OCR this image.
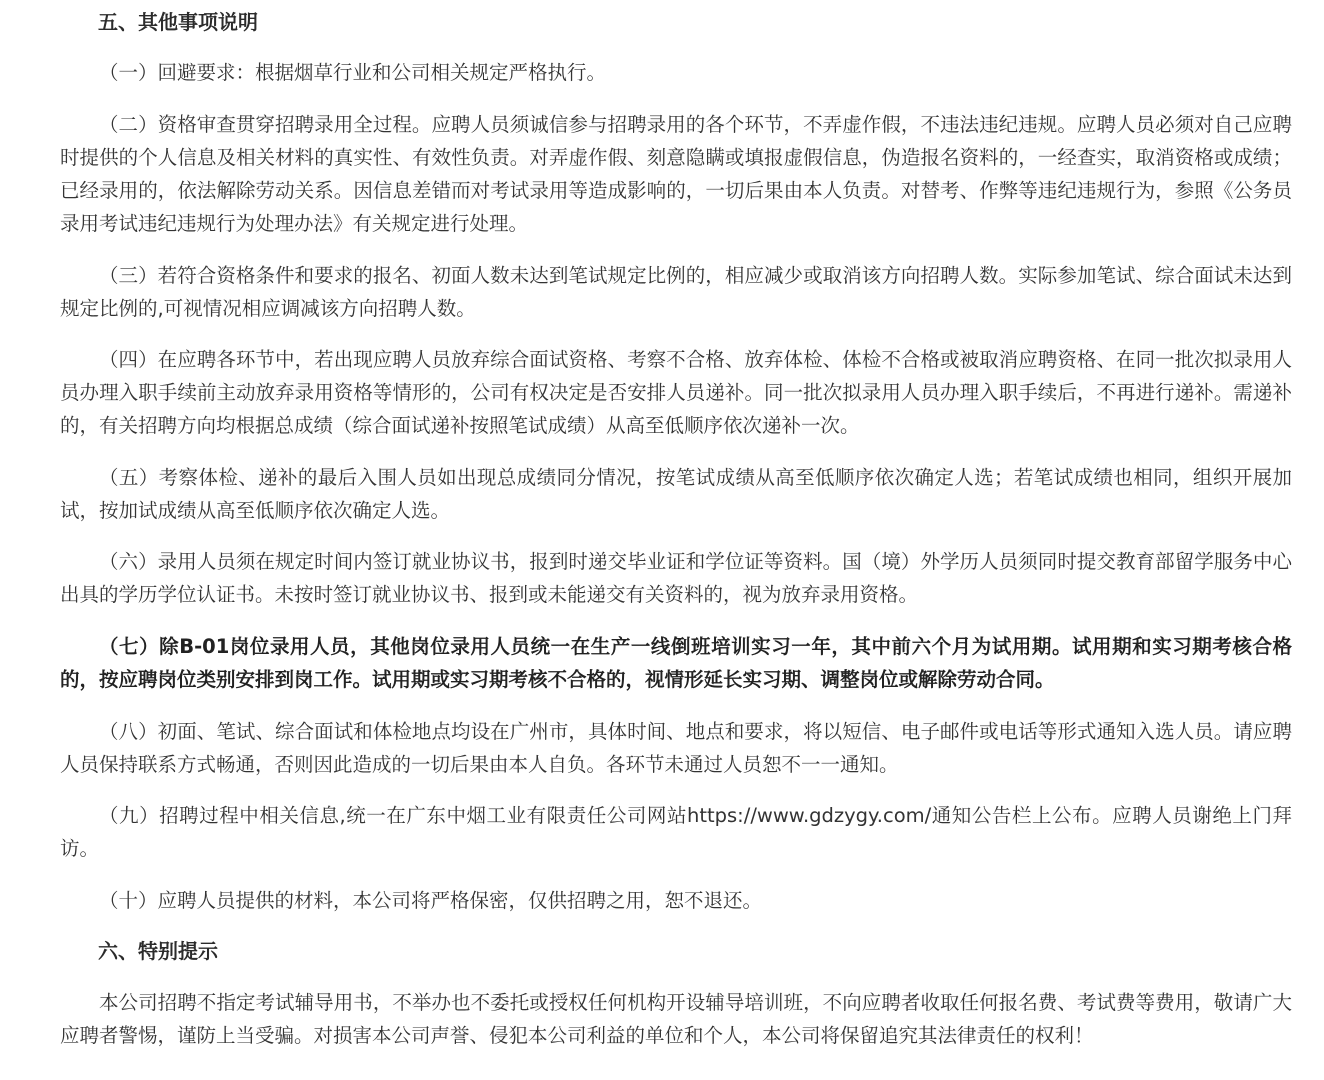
五、其他事项说明

（一）回避要求：根据烟草行业和公司相关规定严格执行。

（二）资格审查贯穿招聘录用全过程。应聘人员须诚信参与招聘录用的各个环节，不弄虚作假，不违法违纪违规。应聘人员必须对自己应聘时提供的个人信息及相关材料的真实性、有效性负责。对弄虚作假、刻意隐瞒或填报虚假信息，伪造报名资料的，一经查实，取消资格或成绩；已经录用的，依法解除劳动关系。因信息差错而对考试录用等造成影响的，一切后果由本人负责。对替考、作弊等违纪违规行为，参照《公务员录用考试违纪违规行为处理办法》有关规定进行处理。

（三）若符合资格条件和要求的报名、初面人数未达到笔试规定比例的，相应减少或取消该方向招聘人数。实际参加笔试、综合面试未达到规定比例的,可视情况相应调减该方向招聘人数。

（四）在应聘各环节中，若出现应聘人员放弃综合面试资格、考察不合格、放弃体检、体检不合格或被取消应聘资格、在同一批次拟录用人员办理入职手续前主动放弃录用资格等情形的，公司有权决定是否安排人员递补。同一批次拟录用人员办理入职手续后，不再进行递补。需递补的，有关招聘方向均根据总成绩（综合面试递补按照笔试成绩）从高至低顺序依次递补一次。

（五）考察体检、递补的最后入围人员如出现总成绩同分情况，按笔试成绩从高至低顺序依次确定人选；若笔试成绩也相同，组织开展加试，按加试成绩从高至低顺序依次确定人选。

（六）录用人员须在规定时间内签订就业协议书，报到时递交毕业证和学位证等资料。国（境）外学历人员须同时提交教育部留学服务中心出具的学历学位认证书。未按时签订就业协议书、报到或未能递交有关资料的，视为放弃录用资格。

（七）除B-01岗位录用人员，其他岗位录用人员统一在生产一线倒班培训实习一年，其中前六个月为试用期。试用期和实习期考核合格的，按应聘岗位类别安排到岗工作。试用期或实习期考核不合格的，视情形延长实习期、调整岗位或解除劳动合同。

（八）初面、笔试、综合面试和体检地点均设在广州市，具体时间、地点和要求，将以短信、电子邮件或电话等形式通知入选人员。请应聘人员保持联系方式畅通，否则因此造成的一切后果由本人自负。各环节未通过人员恕不一一通知。

（九）招聘过程中相关信息,统一在广东中烟工业有限责任公司网站https://www.gdzygy.com/通知公告栏上公布。应聘人员谢绝上门拜访。

（十）应聘人员提供的材料，本公司将严格保密，仅供招聘之用，恕不退还。

六、特别提示

本公司招聘不指定考试辅导用书，不举办也不委托或授权任何机构开设辅导培训班，不向应聘者收取任何报名费、考试费等费用，敬请广大应聘者警惕，谨防上当受骗。对损害本公司声誉、侵犯本公司利益的单位和个人，本公司将保留追究其法律责任的权利！
